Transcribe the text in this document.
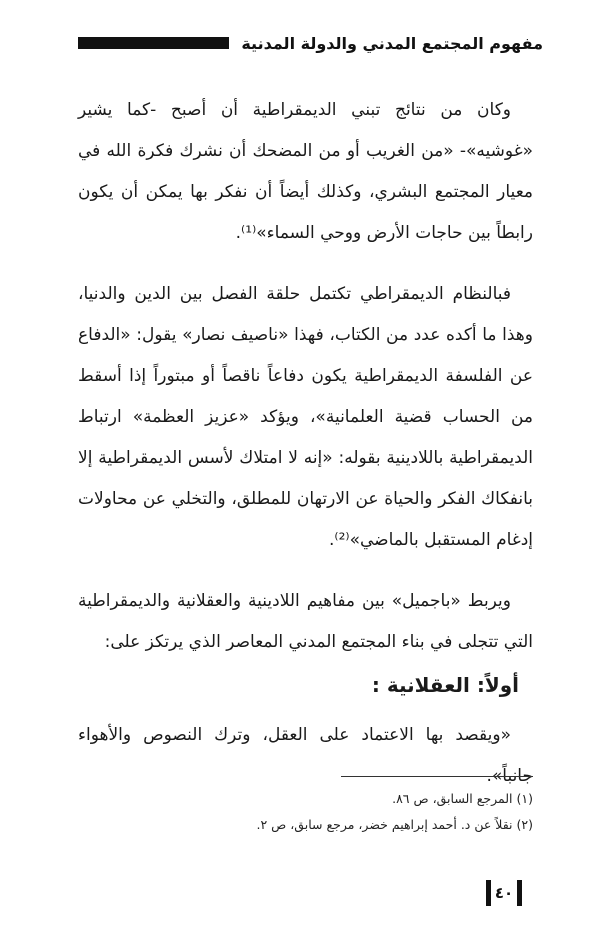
مفهوم المجتمع المدني والدولة المدنية

وكان من نتائج تبني الديمقراطية أن أصبح -كما يشير «غوشيه»- «من الغريب أو من المضحك أن نشرك فكرة الله في معيار المجتمع البشري، وكذلك أيضاً أن نفكر بها يمكن أن يكون رابطاً بين حاجات الأرض ووحي السماء»⁽¹⁾.

فبالنظام الديمقراطي تكتمل حلقة الفصل بين الدين والدنيا، وهذا ما أكده عدد من الكتاب، فهذا «ناصيف نصار» يقول: «الدفاع عن الفلسفة الديمقراطية يكون دفاعاً ناقصاً أو مبتوراً إذا أسقط من الحساب قضية العلمانية»، ويؤكد «عزيز العظمة» ارتباط الديمقراطية باللادينية بقوله: «إنه لا امتلاك لأسس الديمقراطية إلا بانفكاك الفكر والحياة عن الارتهان للمطلق، والتخلي عن محاولات إدغام المستقبل بالماضي»⁽²⁾.

ويربط «باجميل» بين مفاهيم اللادينية والعقلانية والديمقراطية التي تتجلى في بناء المجتمع المدني المعاصر الذي يرتكز على:

أولاً: العقلانية :

«ويقصد بها الاعتماد على العقل، وترك النصوص والأهواء جانباً».

(١) المرجع السابق، ص ٨٦.

(٢) نقلاً عن د. أحمد إبراهيم خضر، مرجع سابق، ص ٢.

٤٠
